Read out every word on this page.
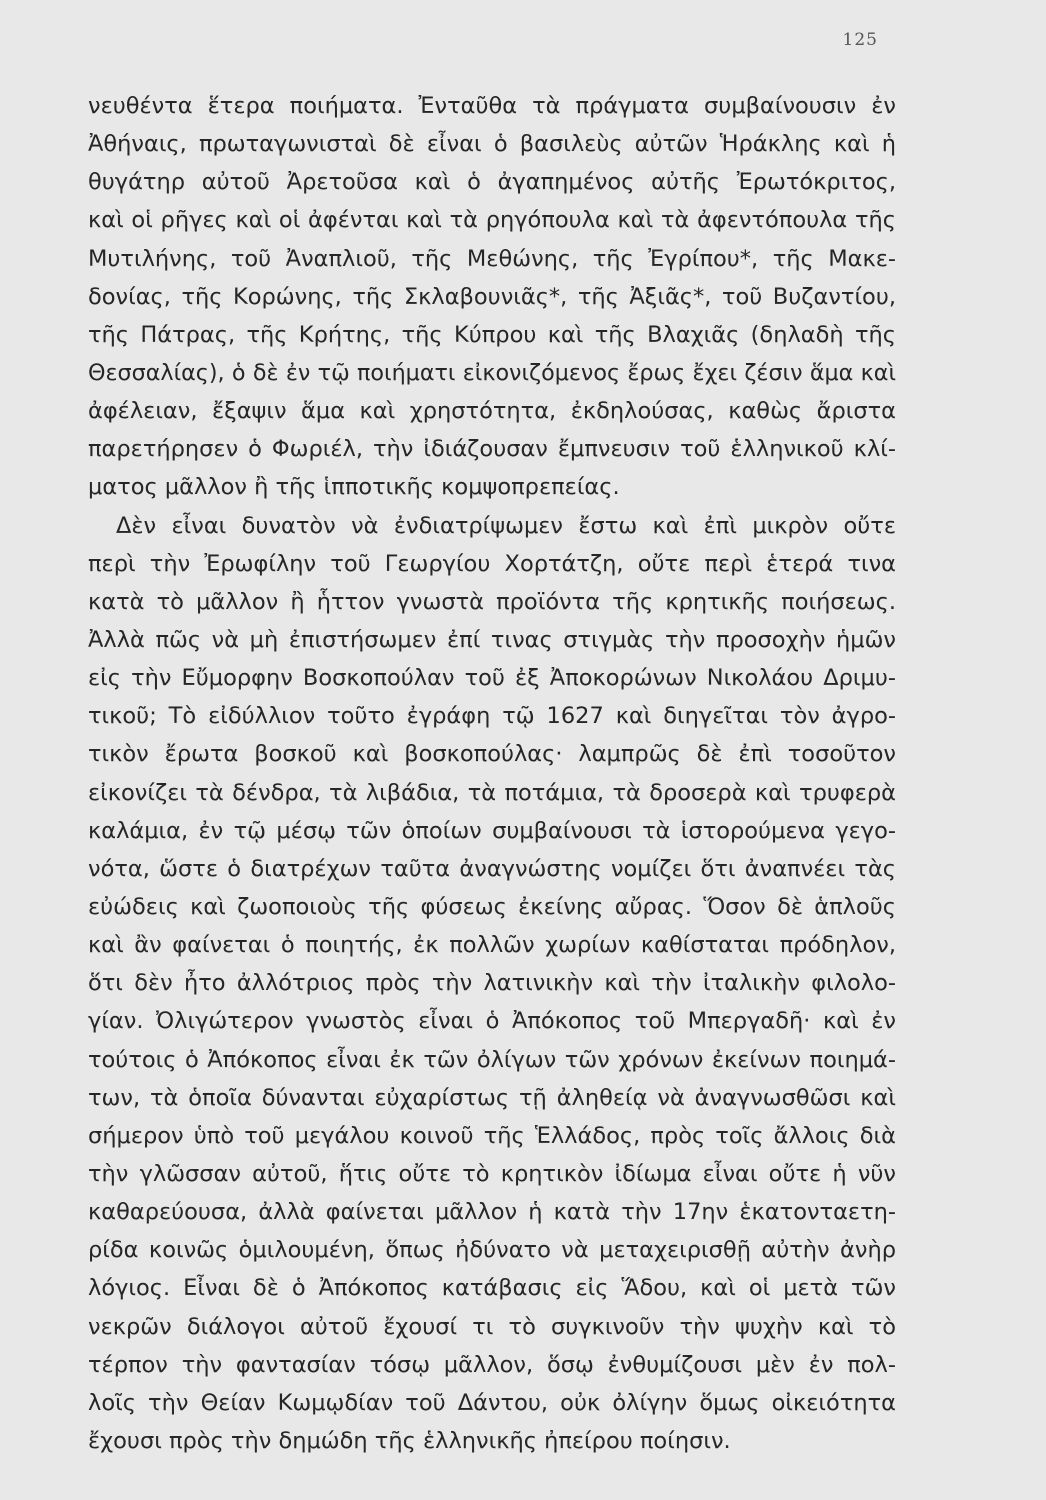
125
νευθέντα ἕτερα ποιήματα. Ἐνταῦθα τὰ πράγματα συμβαίνουσιν ἐν
Ἀθήναις, πρωταγωνισταὶ δὲ εἶναι ὁ βασιλεὺς αὐτῶν Ἡράκλης καὶ ἡ
θυγάτηρ αὐτοῦ Ἀρετοῦσα καὶ ὁ ἀγαπημένος αὐτῆς Ἐρωτόκριτος,
καὶ οἱ ρῆγες καὶ οἱ ἀφένται καὶ τὰ ρηγόπουλα καὶ τὰ ἀφεντόπουλα τῆς
Μυτιλήνης, τοῦ Ἀναπλιοῦ, τῆς Μεθώνης, τῆς Ἐγρίπου*, τῆς Μακε-
δονίας, τῆς Κορώνης, τῆς Σκλαβουνιᾶς*, τῆς Ἀξιᾶς*, τοῦ Βυζαντίου,
τῆς Πάτρας, τῆς Κρήτης, τῆς Κύπρου καὶ τῆς Βλαχιᾶς (δηλαδὴ τῆς
Θεσσαλίας), ὁ δὲ ἐν τῷ ποιήματι εἰκονιζόμενος ἔρως ἔχει ζέσιν ἅμα καὶ
ἀφέλειαν, ἔξαψιν ἅμα καὶ χρηστότητα, ἐκδηλούσας, καθὼς ἄριστα
παρετήρησεν ὁ Φωριέλ, τὴν ἰδιάζουσαν ἔμπνευσιν τοῦ ἑλληνικοῦ κλί-
ματος μᾶλλον ἢ τῆς ἱπποτικῆς κομψοπρεπείας.
Δὲν εἶναι δυνατὸν νὰ ἐνδιατρίψωμεν ἔστω καὶ ἐπὶ μικρὸν οὔτε
περὶ τὴν Ἐρωφίλην τοῦ Γεωργίου Χορτάτζη, οὔτε περὶ ἑτερά τινα
κατὰ τὸ μᾶλλον ἢ ἧττον γνωστὰ προϊόντα τῆς κρητικῆς ποιήσεως.
Ἀλλὰ πῶς νὰ μὴ ἐπιστήσωμεν ἐπί τινας στιγμὰς τὴν προσοχὴν ἡμῶν
εἰς τὴν Εὔμορφην Βοσκοπούλαν τοῦ ἐξ Ἀποκορώνων Νικολάου Δριμυ-
τικοῦ; Τὸ εἰδύλλιον τοῦτο ἐγράφη τῷ 1627 καὶ διηγεῖται τὸν ἀγρο-
τικὸν ἔρωτα βοσκοῦ καὶ βοσκοπούλας· λαμπρῶς δὲ ἐπὶ τοσοῦτον
εἰκονίζει τὰ δένδρα, τὰ λιβάδια, τὰ ποτάμια, τὰ δροσερὰ καὶ τρυφερὰ
καλάμια, ἐν τῷ μέσῳ τῶν ὁποίων συμβαίνουσι τὰ ἱστορούμενα γεγο-
νότα, ὥστε ὁ διατρέχων ταῦτα ἀναγνώστης νομίζει ὅτι ἀναπνέει τὰς
εὐώδεις καὶ ζωοποιοὺς τῆς φύσεως ἐκείνης αὔρας. Ὅσον δὲ ἁπλοῦς
καὶ ἂν φαίνεται ὁ ποιητής, ἐκ πολλῶν χωρίων καθίσταται πρόδηλον,
ὅτι δὲν ἦτο ἀλλότριος πρὸς τὴν λατινικὴν καὶ τὴν ἰταλικὴν φιλολο-
γίαν. Ὀλιγώτερον γνωστὸς εἶναι ὁ Ἀπόκοπος τοῦ Μπεργαδῆ· καὶ ἐν
τούτοις ὁ Ἀπόκοπος εἶναι ἐκ τῶν ὀλίγων τῶν χρόνων ἐκείνων ποιημά-
των, τὰ ὁποῖα δύνανται εὐχαρίστως τῇ ἀληθείᾳ νὰ ἀναγνωσθῶσι καὶ
σήμερον ὑπὸ τοῦ μεγάλου κοινοῦ τῆς Ἑλλάδος, πρὸς τοῖς ἄλλοις διὰ
τὴν γλῶσσαν αὐτοῦ, ἥτις οὔτε τὸ κρητικὸν ἰδίωμα εἶναι οὔτε ἡ νῦν
καθαρεύουσα, ἀλλὰ φαίνεται μᾶλλον ἡ κατὰ τὴν 17ην ἑκατονταετη-
ρίδα κοινῶς ὁμιλουμένη, ὅπως ἠδύνατο νὰ μεταχειρισθῇ αὐτὴν ἀνὴρ
λόγιος. Εἶναι δὲ ὁ Ἀπόκοπος κατάβασις εἰς Ἅδου, καὶ οἱ μετὰ τῶν
νεκρῶν διάλογοι αὐτοῦ ἔχουσί τι τὸ συγκινοῦν τὴν ψυχὴν καὶ τὸ
τέρπον τὴν φαντασίαν τόσῳ μᾶλλον, ὅσῳ ἐνθυμίζουσι μὲν ἐν πολ-
λοῖς τὴν Θείαν Κωμῳδίαν τοῦ Δάντου, οὐκ ὀλίγην ὅμως οἰκειότητα
ἔχουσι πρὸς τὴν δημώδη τῆς ἑλληνικῆς ἠπείρου ποίησιν.
